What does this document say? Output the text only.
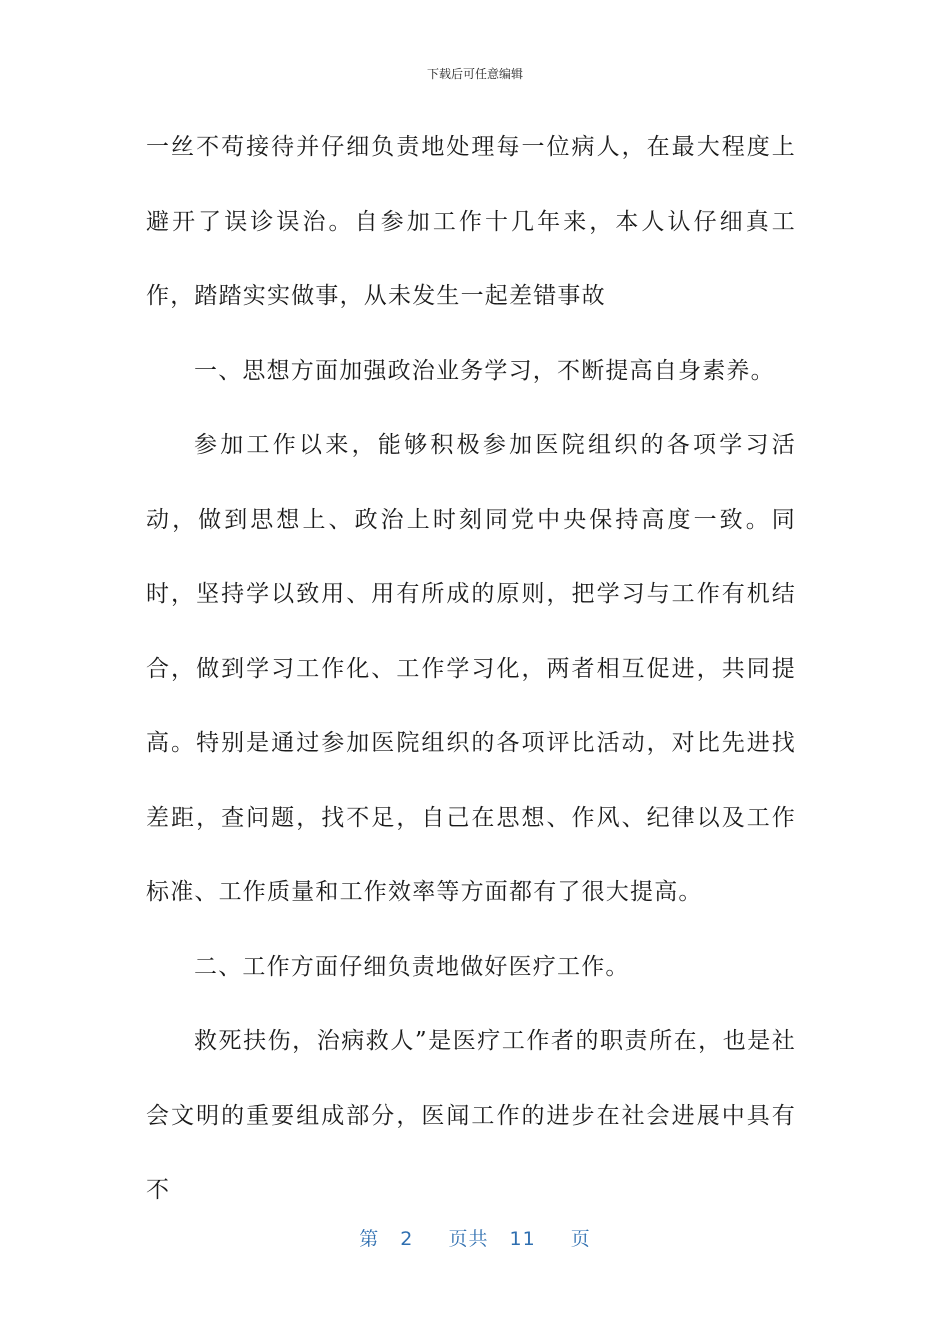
下载后可任意编辑

一丝不苟接待并仔细负责地处理每一位病人，在最大程度上避开了误诊误治。自参加工作十几年来，本人认仔细真工作，踏踏实实做事，从未发生一起差错事故

一、思想方面加强政治业务学习，不断提高自身素养。

参加工作以来，能够积极参加医院组织的各项学习活动，做到思想上、政治上时刻同党中央保持高度一致。同时，坚持学以致用、用有所成的原则，把学习与工作有机结合，做到学习工作化、工作学习化，两者相互促进，共同提高。特别是通过参加医院组织的各项评比活动，对比先进找差距，查问题，找不足，自己在思想、作风、纪律以及工作标准、工作质量和工作效率等方面都有了很大提高。

二、工作方面仔细负责地做好医疗工作。

救死扶伤，治病救人”是医疗工作者的职责所在，也是社会文明的重要组成部分，医闻工作的进步在社会进展中具有不

第 2 页共 11 页
